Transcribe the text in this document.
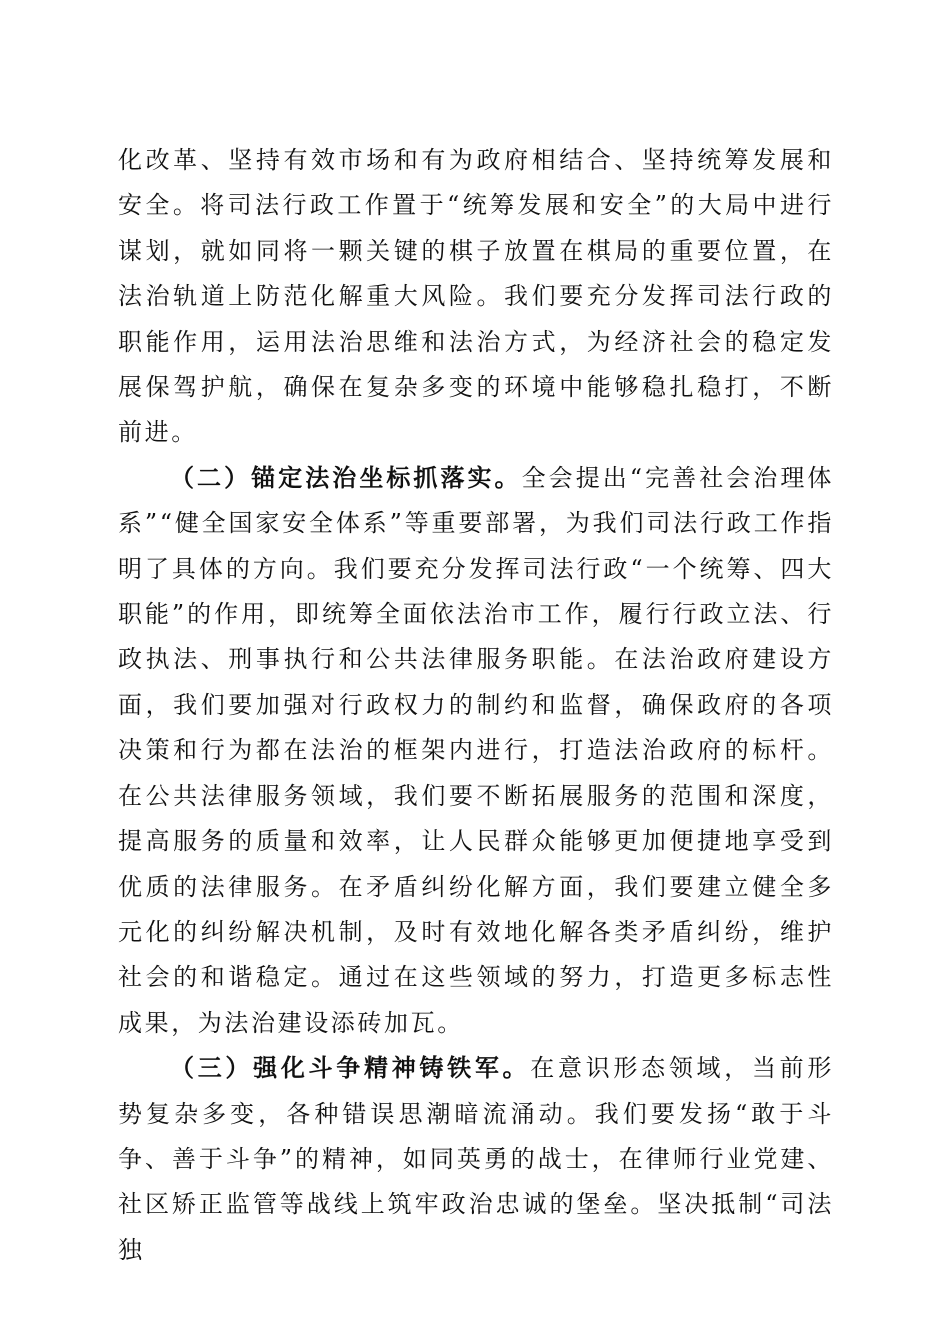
化改革、坚持有效市场和有为政府相结合、坚持统筹发展和安全。将司法行政工作置于“统筹发展和安全”的大局中进行谋划，就如同将一颗关键的棋子放置在棋局的重要位置，在法治轨道上防范化解重大风险。我们要充分发挥司法行政的职能作用，运用法治思维和法治方式，为经济社会的稳定发展保驾护航，确保在复杂多变的环境中能够稳扎稳打，不断前进。

（二）锚定法治坐标抓落实。全会提出“完善社会治理体系”“健全国家安全体系”等重要部署，为我们司法行政工作指明了具体的方向。我们要充分发挥司法行政“一个统筹、四大职能”的作用，即统筹全面依法治市工作，履行行政立法、行政执法、刑事执行和公共法律服务职能。在法治政府建设方面，我们要加强对行政权力的制约和监督，确保政府的各项决策和行为都在法治的框架内进行，打造法治政府的标杆。在公共法律服务领域，我们要不断拓展服务的范围和深度，提高服务的质量和效率，让人民群众能够更加便捷地享受到优质的法律服务。在矛盾纠纷化解方面，我们要建立健全多元化的纠纷解决机制，及时有效地化解各类矛盾纠纷，维护社会的和谐稳定。通过在这些领域的努力，打造更多标志性成果，为法治建设添砖加瓦。

（三）强化斗争精神铸铁军。在意识形态领域，当前形势复杂多变，各种错误思潮暗流涌动。我们要发扬“敢于斗争、善于斗争”的精神，如同英勇的战士，在律师行业党建、社区矫正监管等战线上筑牢政治忠诚的堡垒。坚决抵制“司法独
